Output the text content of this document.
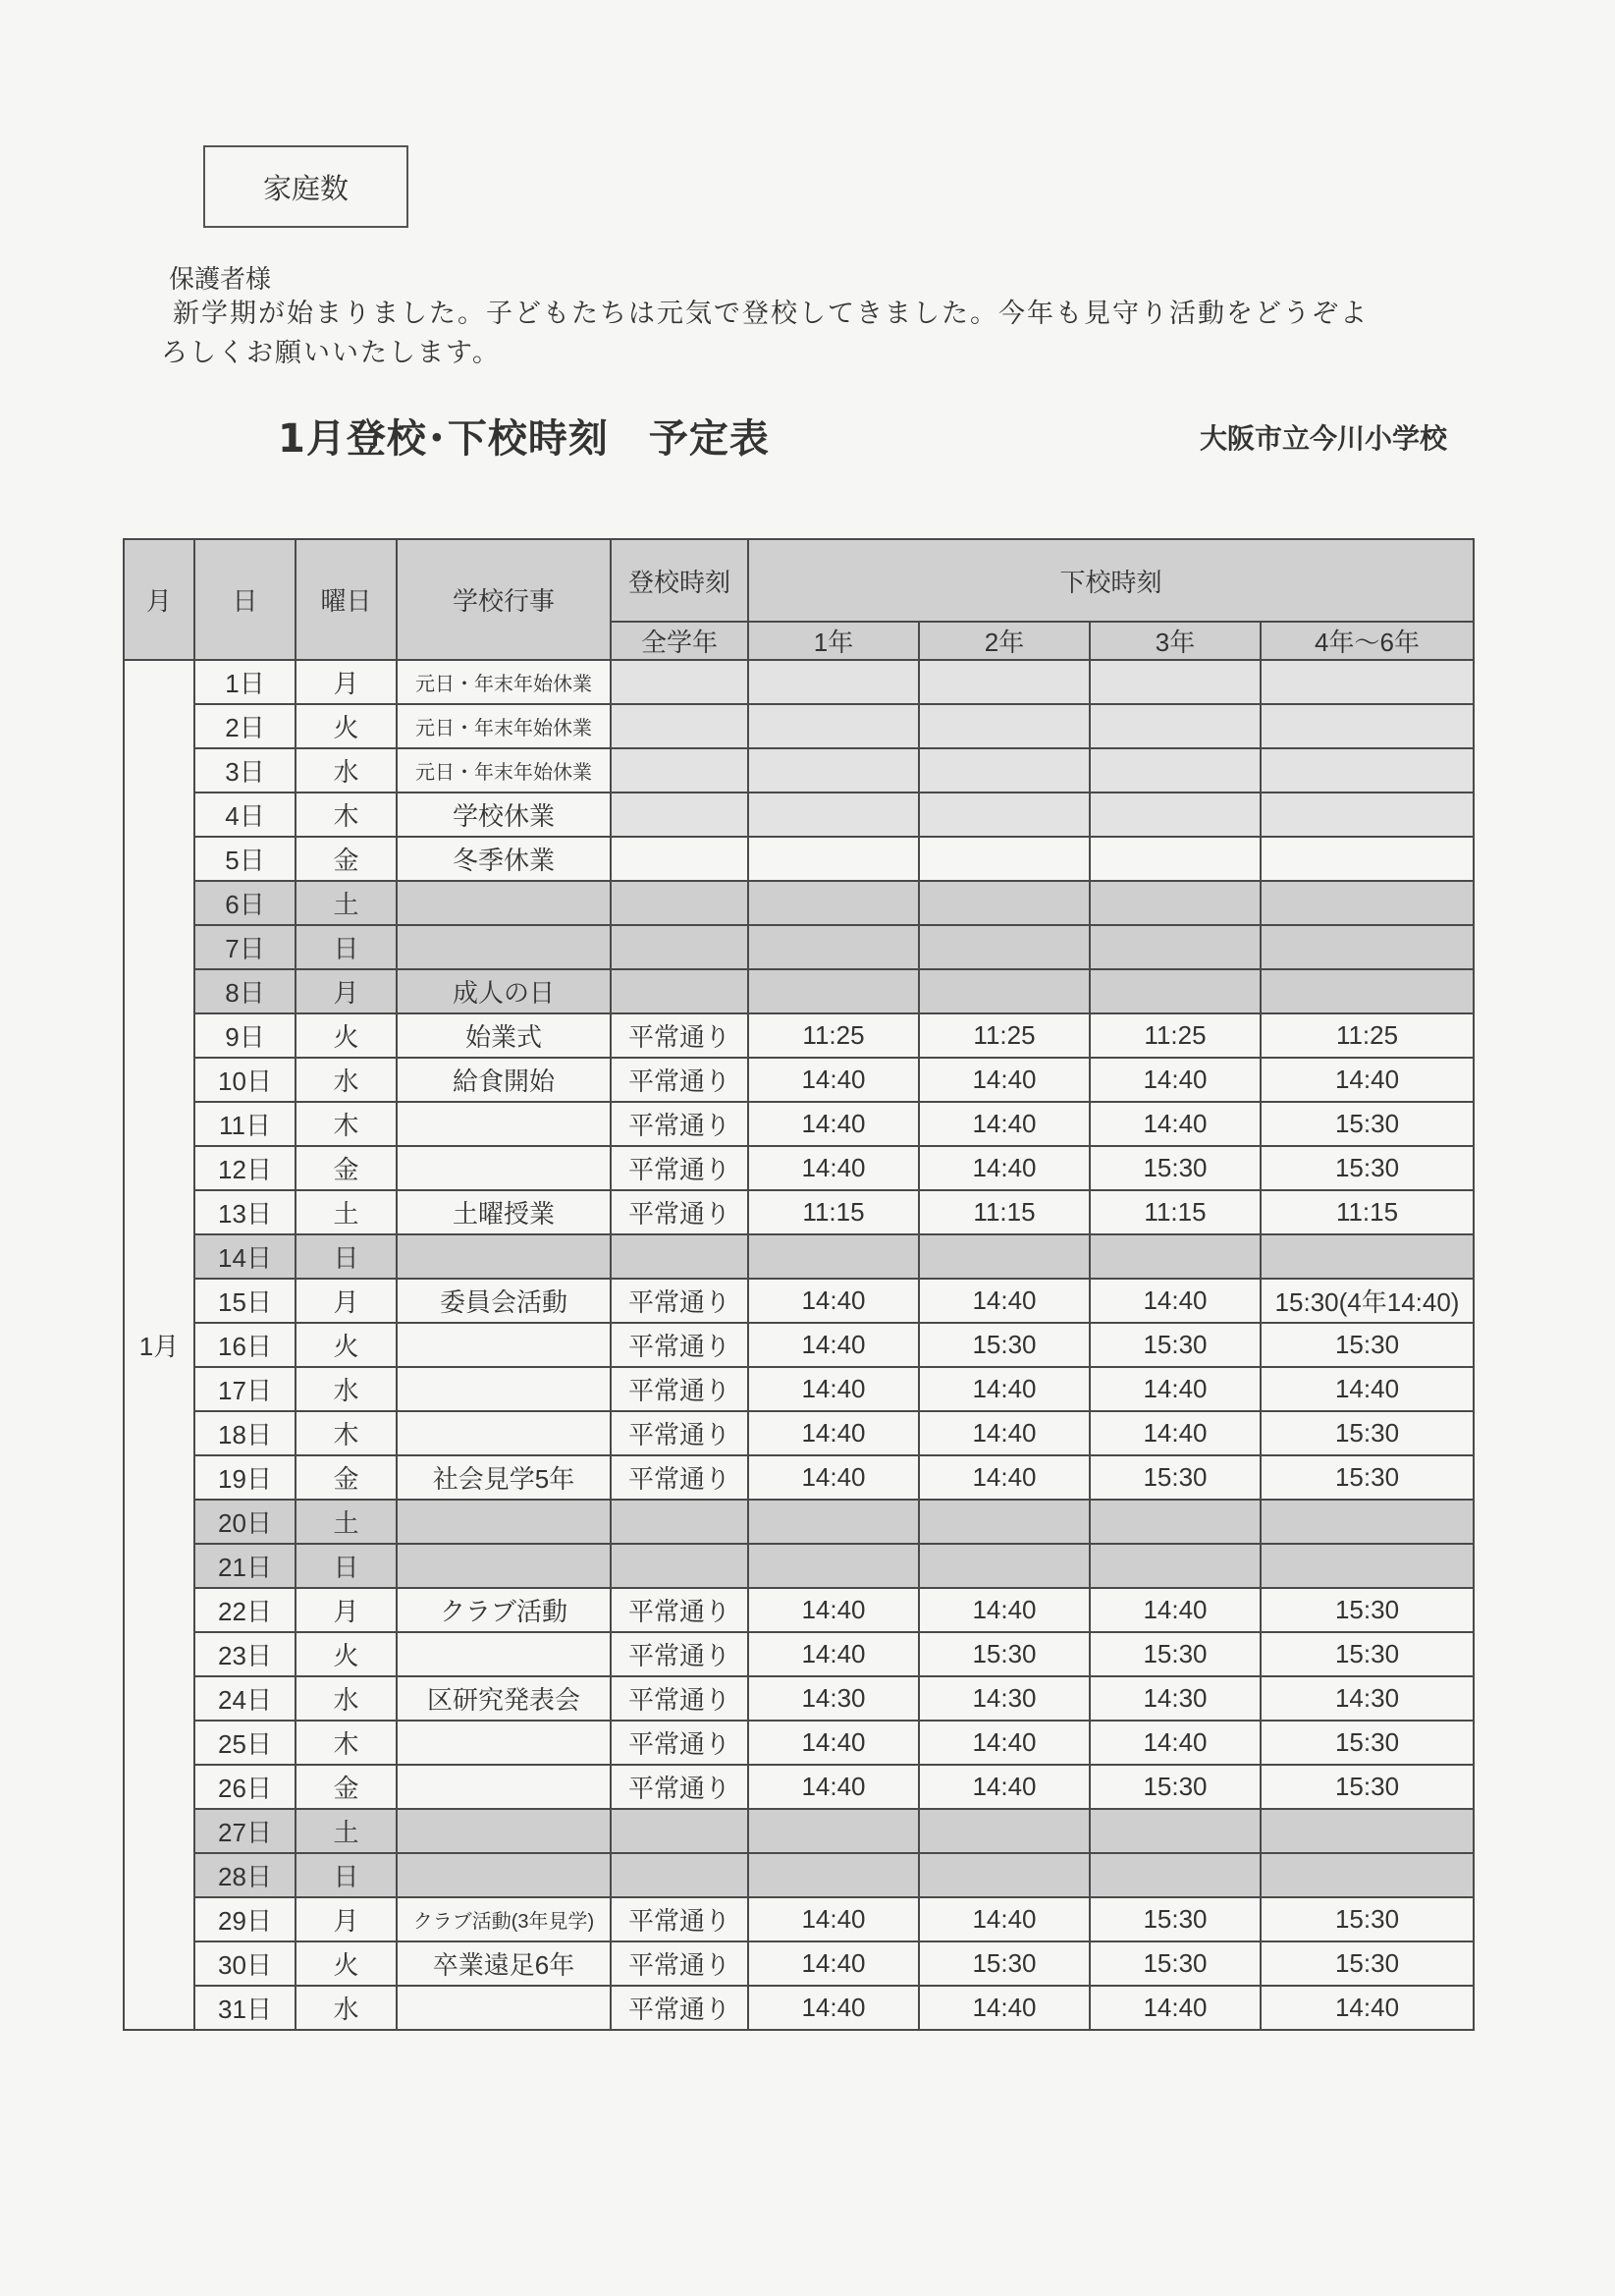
家庭数
保護者様
新学期が始まりました。子どもたちは元気で登校してきました。今年も見守り活動をどうぞよ
ろしくお願いいたします。
1月登校･下校時刻　予定表	大阪市立今川小学校
月	日	曜日	学校行事	登校時刻	下校時刻			
				全学年	1年	2年	3年	4年～6年
1月	1日	月	元日・年末年始休業					
	2日	火	元日・年末年始休業					
	3日	水	元日・年末年始休業					
	4日	木	学校休業					
	5日	金	冬季休業					
	6日	土						
	7日	日						
	8日	月	成人の日					
	9日	火	始業式	平常通り	11:25	11:25	11:25	11:25
	10日	水	給食開始	平常通り	14:40	14:40	14:40	14:40
	11日	木		平常通り	14:40	14:40	14:40	15:30
	12日	金		平常通り	14:40	14:40	15:30	15:30
	13日	土	土曜授業	平常通り	11:15	11:15	11:15	11:15
	14日	日						
	15日	月	委員会活動	平常通り	14:40	14:40	14:40	15:30(4年14:40)
	16日	火		平常通り	14:40	15:30	15:30	15:30
	17日	水		平常通り	14:40	14:40	14:40	14:40
	18日	木		平常通り	14:40	14:40	14:40	15:30
	19日	金	社会見学5年	平常通り	14:40	14:40	15:30	15:30
	20日	土						
	21日	日						
	22日	月	クラブ活動	平常通り	14:40	14:40	14:40	15:30
	23日	火		平常通り	14:40	15:30	15:30	15:30
	24日	水	区研究発表会	平常通り	14:30	14:30	14:30	14:30
	25日	木		平常通り	14:40	14:40	14:40	15:30
	26日	金		平常通り	14:40	14:40	15:30	15:30
	27日	土						
	28日	日						
	29日	月	クラブ活動(3年見学)	平常通り	14:40	14:40	15:30	15:30
	30日	火	卒業遠足6年	平常通り	14:40	15:30	15:30	15:30
	31日	水		平常通り	14:40	14:40	14:40	14:40
